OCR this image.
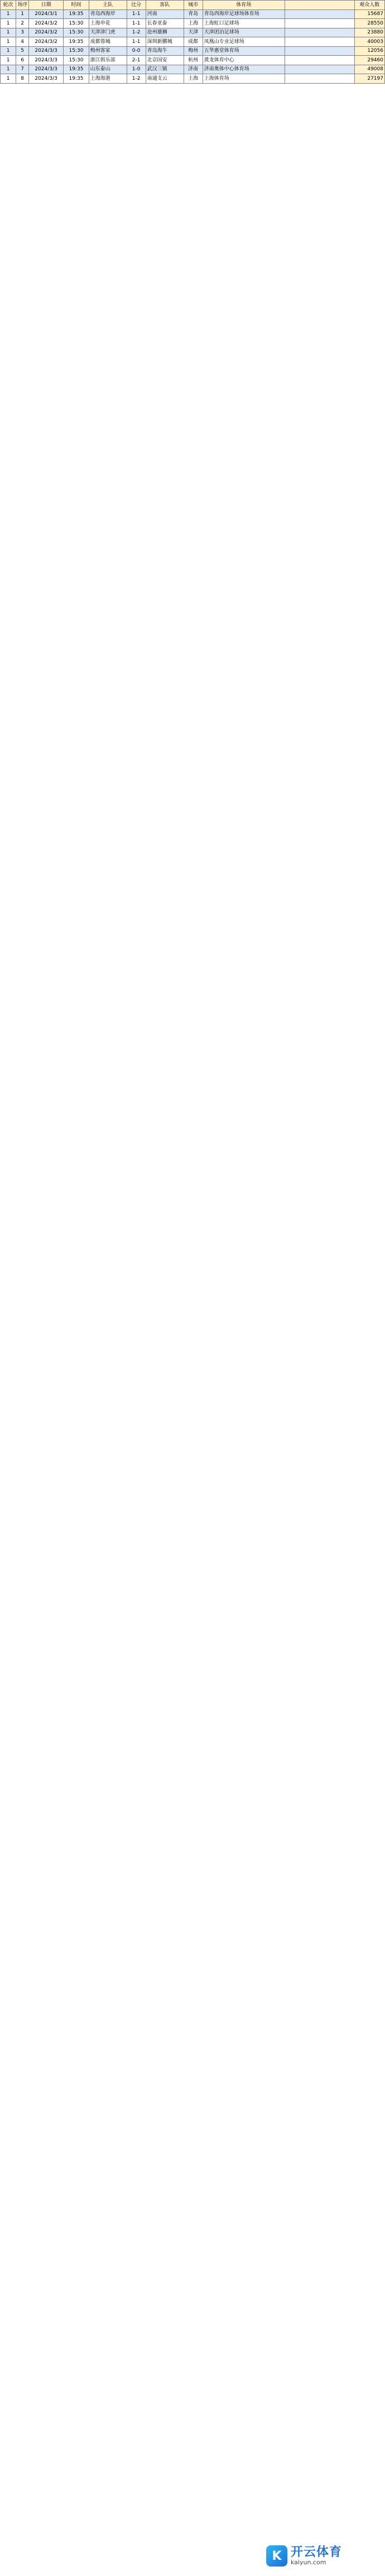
轮次	场序	日期	时间	主队	比分	客队	城市	体育场		观众人数
1	1	2024/3/1	19:35	青岛西海岸	1-1	河南	青岛	青岛西海岸足球场体育场		15687
1	2	2024/3/2	15:30	上海申花	1-1	长春亚泰	上海	上海虹口足球场		28550
1	3	2024/3/2	15:30	天津津门虎	1-2	沧州雄狮	天津	天津团泊足球场		23880
1	4	2024/3/2	19:35	成都蓉城	1-1	深圳新鹏城	成都	凤凰山专业足球场		40003
1	5	2024/3/3	15:30	梅州客家	0-0	青岛海牛	梅州	五华惠堂体育场		12056
1	6	2024/3/3	15:30	浙江俱乐部	2-1	北京国安	杭州	黄龙体育中心		29460
1	7	2024/3/3	19:35	山东泰山	1-0	武汉三镇	济南	济南奥体中心体育场		49008
1	8	2024/3/3	19:35	上海海港	1-2	南通支云	上海	上海体育场		27197
K 开云体育
kaiyun.com
